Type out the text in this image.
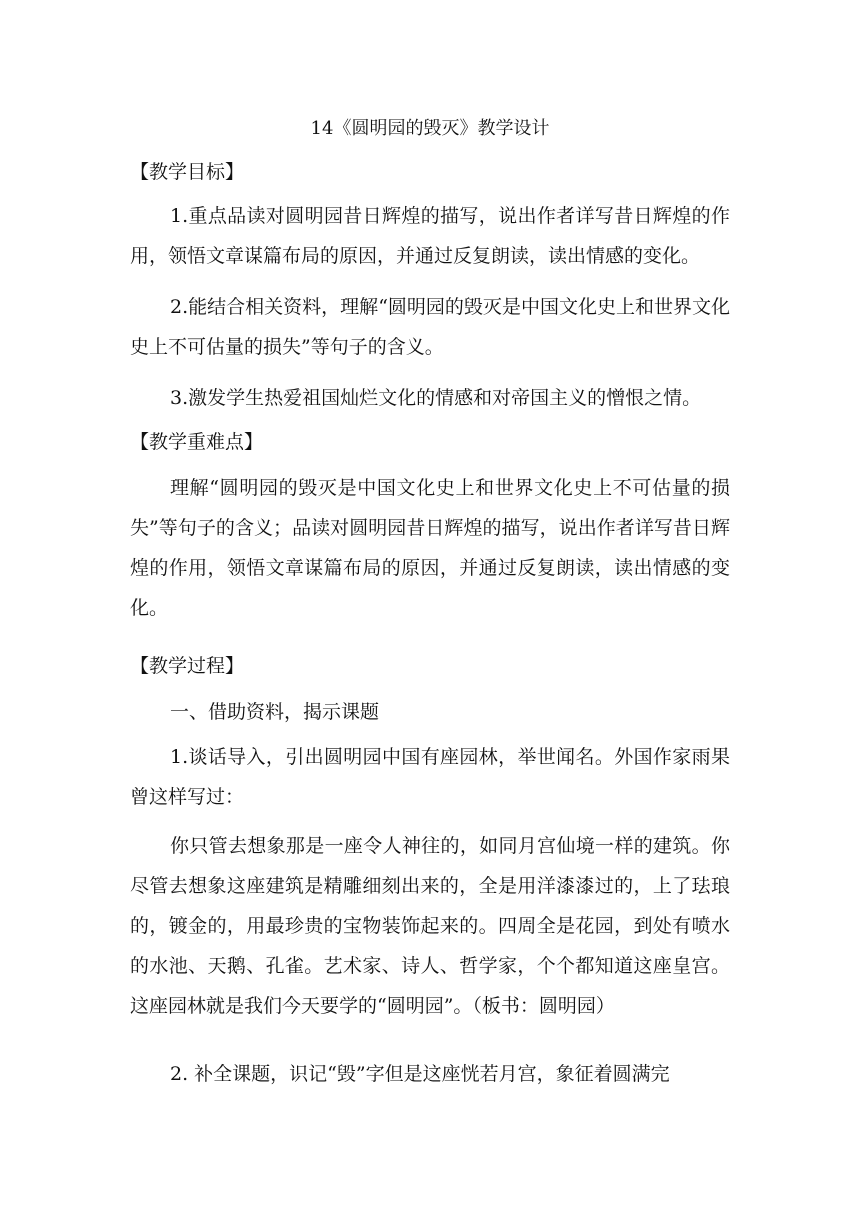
14《圆明园的毁灭》教学设计
【教学目标】

1.重点品读对圆明园昔日辉煌的描写，说出作者详写昔日辉煌的作用，领悟文章谋篇布局的原因，并通过反复朗读，读出情感的变化。

2.能结合相关资料，理解“圆明园的毁灭是中国文化史上和世界文化史上不可估量的损失”等句子的含义。

3.激发学生热爱祖国灿烂文化的情感和对帝国主义的憎恨之情。

【教学重难点】

理解“圆明园的毁灭是中国文化史上和世界文化史上不可估量的损失”等句子的含义；品读对圆明园昔日辉煌的描写，说出作者详写昔日辉煌的作用，领悟文章谋篇布局的原因，并通过反复朗读，读出情感的变化。

【教学过程】

一、借助资料，揭示课题

1.谈话导入，引出圆明园中国有座园林，举世闻名。外国作家雨果曾这样写过：

你只管去想象那是一座令人神往的，如同月宫仙境一样的建筑。你尽管去想象这座建筑是精雕细刻出来的，全是用洋漆漆过的，上了珐琅的，镀金的，用最珍贵的宝物装饰起来的。四周全是花园，到处有喷水的水池、天鹅、孔雀。艺术家、诗人、哲学家，个个都知道这座皇宫。这座园林就是我们今天要学的“圆明园”。（板书：圆明园）

2. 补全课题，识记“毁”字但是这座恍若月宫，象征着圆满完
